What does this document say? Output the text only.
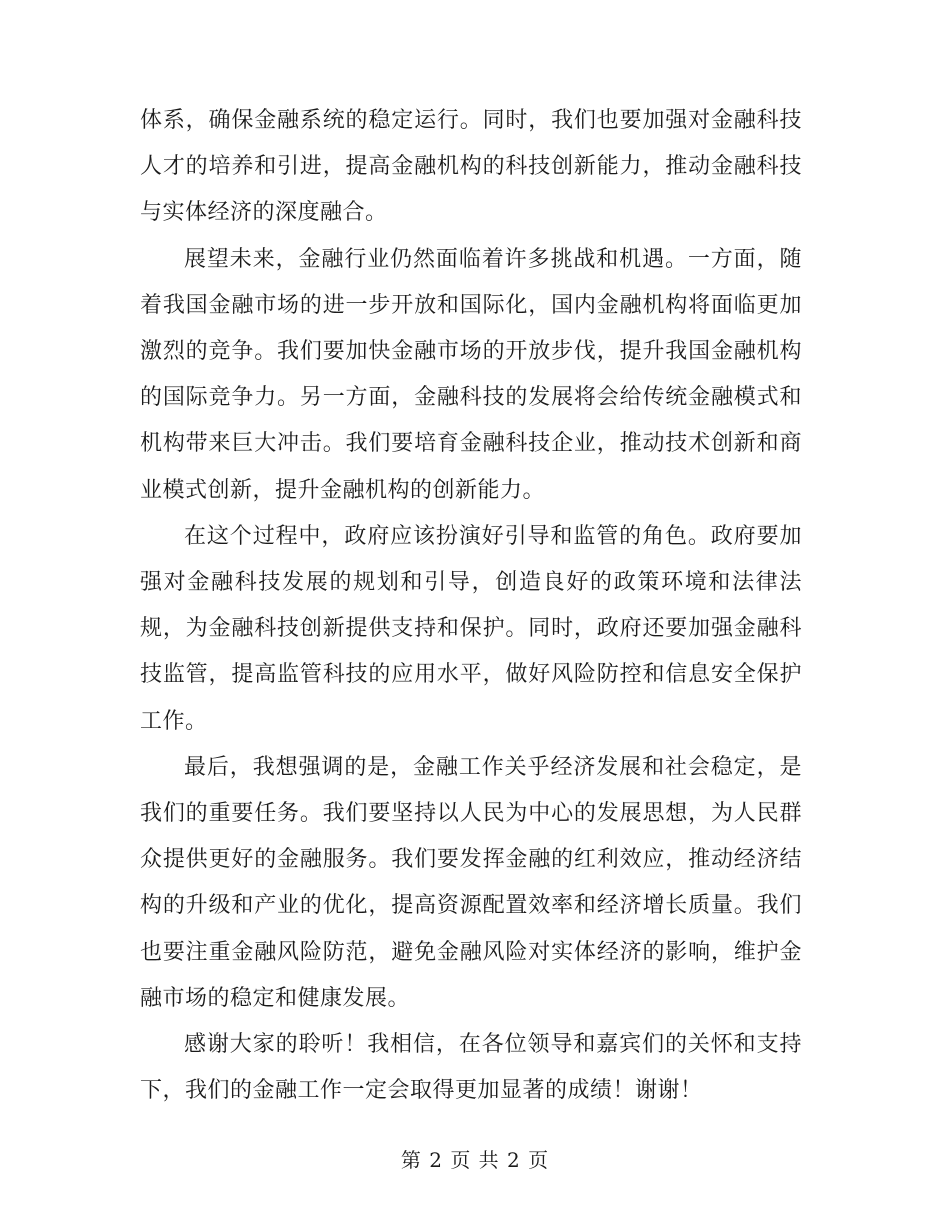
体系，确保金融系统的稳定运行。同时，我们也要加强对金融科技人才的培养和引进，提高金融机构的科技创新能力，推动金融科技与实体经济的深度融合。

展望未来，金融行业仍然面临着许多挑战和机遇。一方面，随着我国金融市场的进一步开放和国际化，国内金融机构将面临更加激烈的竞争。我们要加快金融市场的开放步伐，提升我国金融机构的国际竞争力。另一方面，金融科技的发展将会给传统金融模式和机构带来巨大冲击。我们要培育金融科技企业，推动技术创新和商业模式创新，提升金融机构的创新能力。

在这个过程中，政府应该扮演好引导和监管的角色。政府要加强对金融科技发展的规划和引导，创造良好的政策环境和法律法规，为金融科技创新提供支持和保护。同时，政府还要加强金融科技监管，提高监管科技的应用水平，做好风险防控和信息安全保护工作。

最后，我想强调的是，金融工作关乎经济发展和社会稳定，是我们的重要任务。我们要坚持以人民为中心的发展思想，为人民群众提供更好的金融服务。我们要发挥金融的红利效应，推动经济结构的升级和产业的优化，提高资源配置效率和经济增长质量。我们也要注重金融风险防范，避免金融风险对实体经济的影响，维护金融市场的稳定和健康发展。

感谢大家的聆听！我相信，在各位领导和嘉宾们的关怀和支持下，我们的金融工作一定会取得更加显著的成绩！谢谢！

第 2 页 共 2 页
